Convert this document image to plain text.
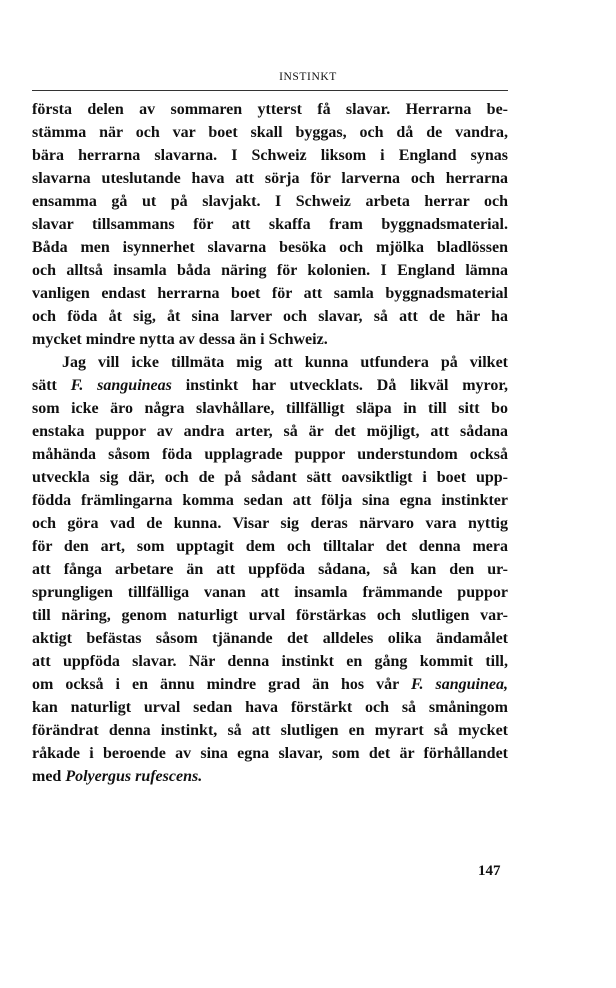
INSTINKT
första delen av sommaren ytterst få slavar. Herrarna be-
stämma när och var boet skall byggas, och då de vandra,
bära herrarna slavarna. I Schweiz liksom i England synas
slavarna uteslutande hava att sörja för larverna och herrarna
ensamma gå ut på slavjakt. I Schweiz arbeta herrar och
slavar tillsammans för att skaffa fram byggnadsmaterial.
Båda men isynnerhet slavarna besöka och mjölka bladlössen
och alltså insamla båda näring för kolonien. I England lämna
vanligen endast herrarna boet för att samla byggnadsmaterial
och föda åt sig, åt sina larver och slavar, så att de här ha
mycket mindre nytta av dessa än i Schweiz.
Jag vill icke tillmäta mig att kunna utfundera på vilket
sätt F. sanguineas instinkt har utvecklats. Då likväl myror,
som icke äro några slavhållare, tillfälligt släpa in till sitt bo
enstaka puppor av andra arter, så är det möjligt, att sådana
måhända såsom föda upplagrade puppor understundom också
utveckla sig där, och de på sådant sätt oavsiktligt i boet upp-
födda främlingarna komma sedan att följa sina egna instinkter
och göra vad de kunna. Visar sig deras närvaro vara nyttig
för den art, som upptagit dem och tilltalar det denna mera
att fånga arbetare än att uppföda sådana, så kan den ur-
sprungligen tillfälliga vanan att insamla främmande puppor
till näring, genom naturligt urval förstärkas och slutligen var-
aktigt befästas såsom tjänande det alldeles olika ändamålet
att uppföda slavar. När denna instinkt en gång kommit till,
om också i en ännu mindre grad än hos vår F. sanguinea,
kan naturligt urval sedan hava förstärkt och så småningom
förändrat denna instinkt, så att slutligen en myrart så mycket
råkade i beroende av sina egna slavar, som det är förhållandet
med Polyergus rufescens.
147
